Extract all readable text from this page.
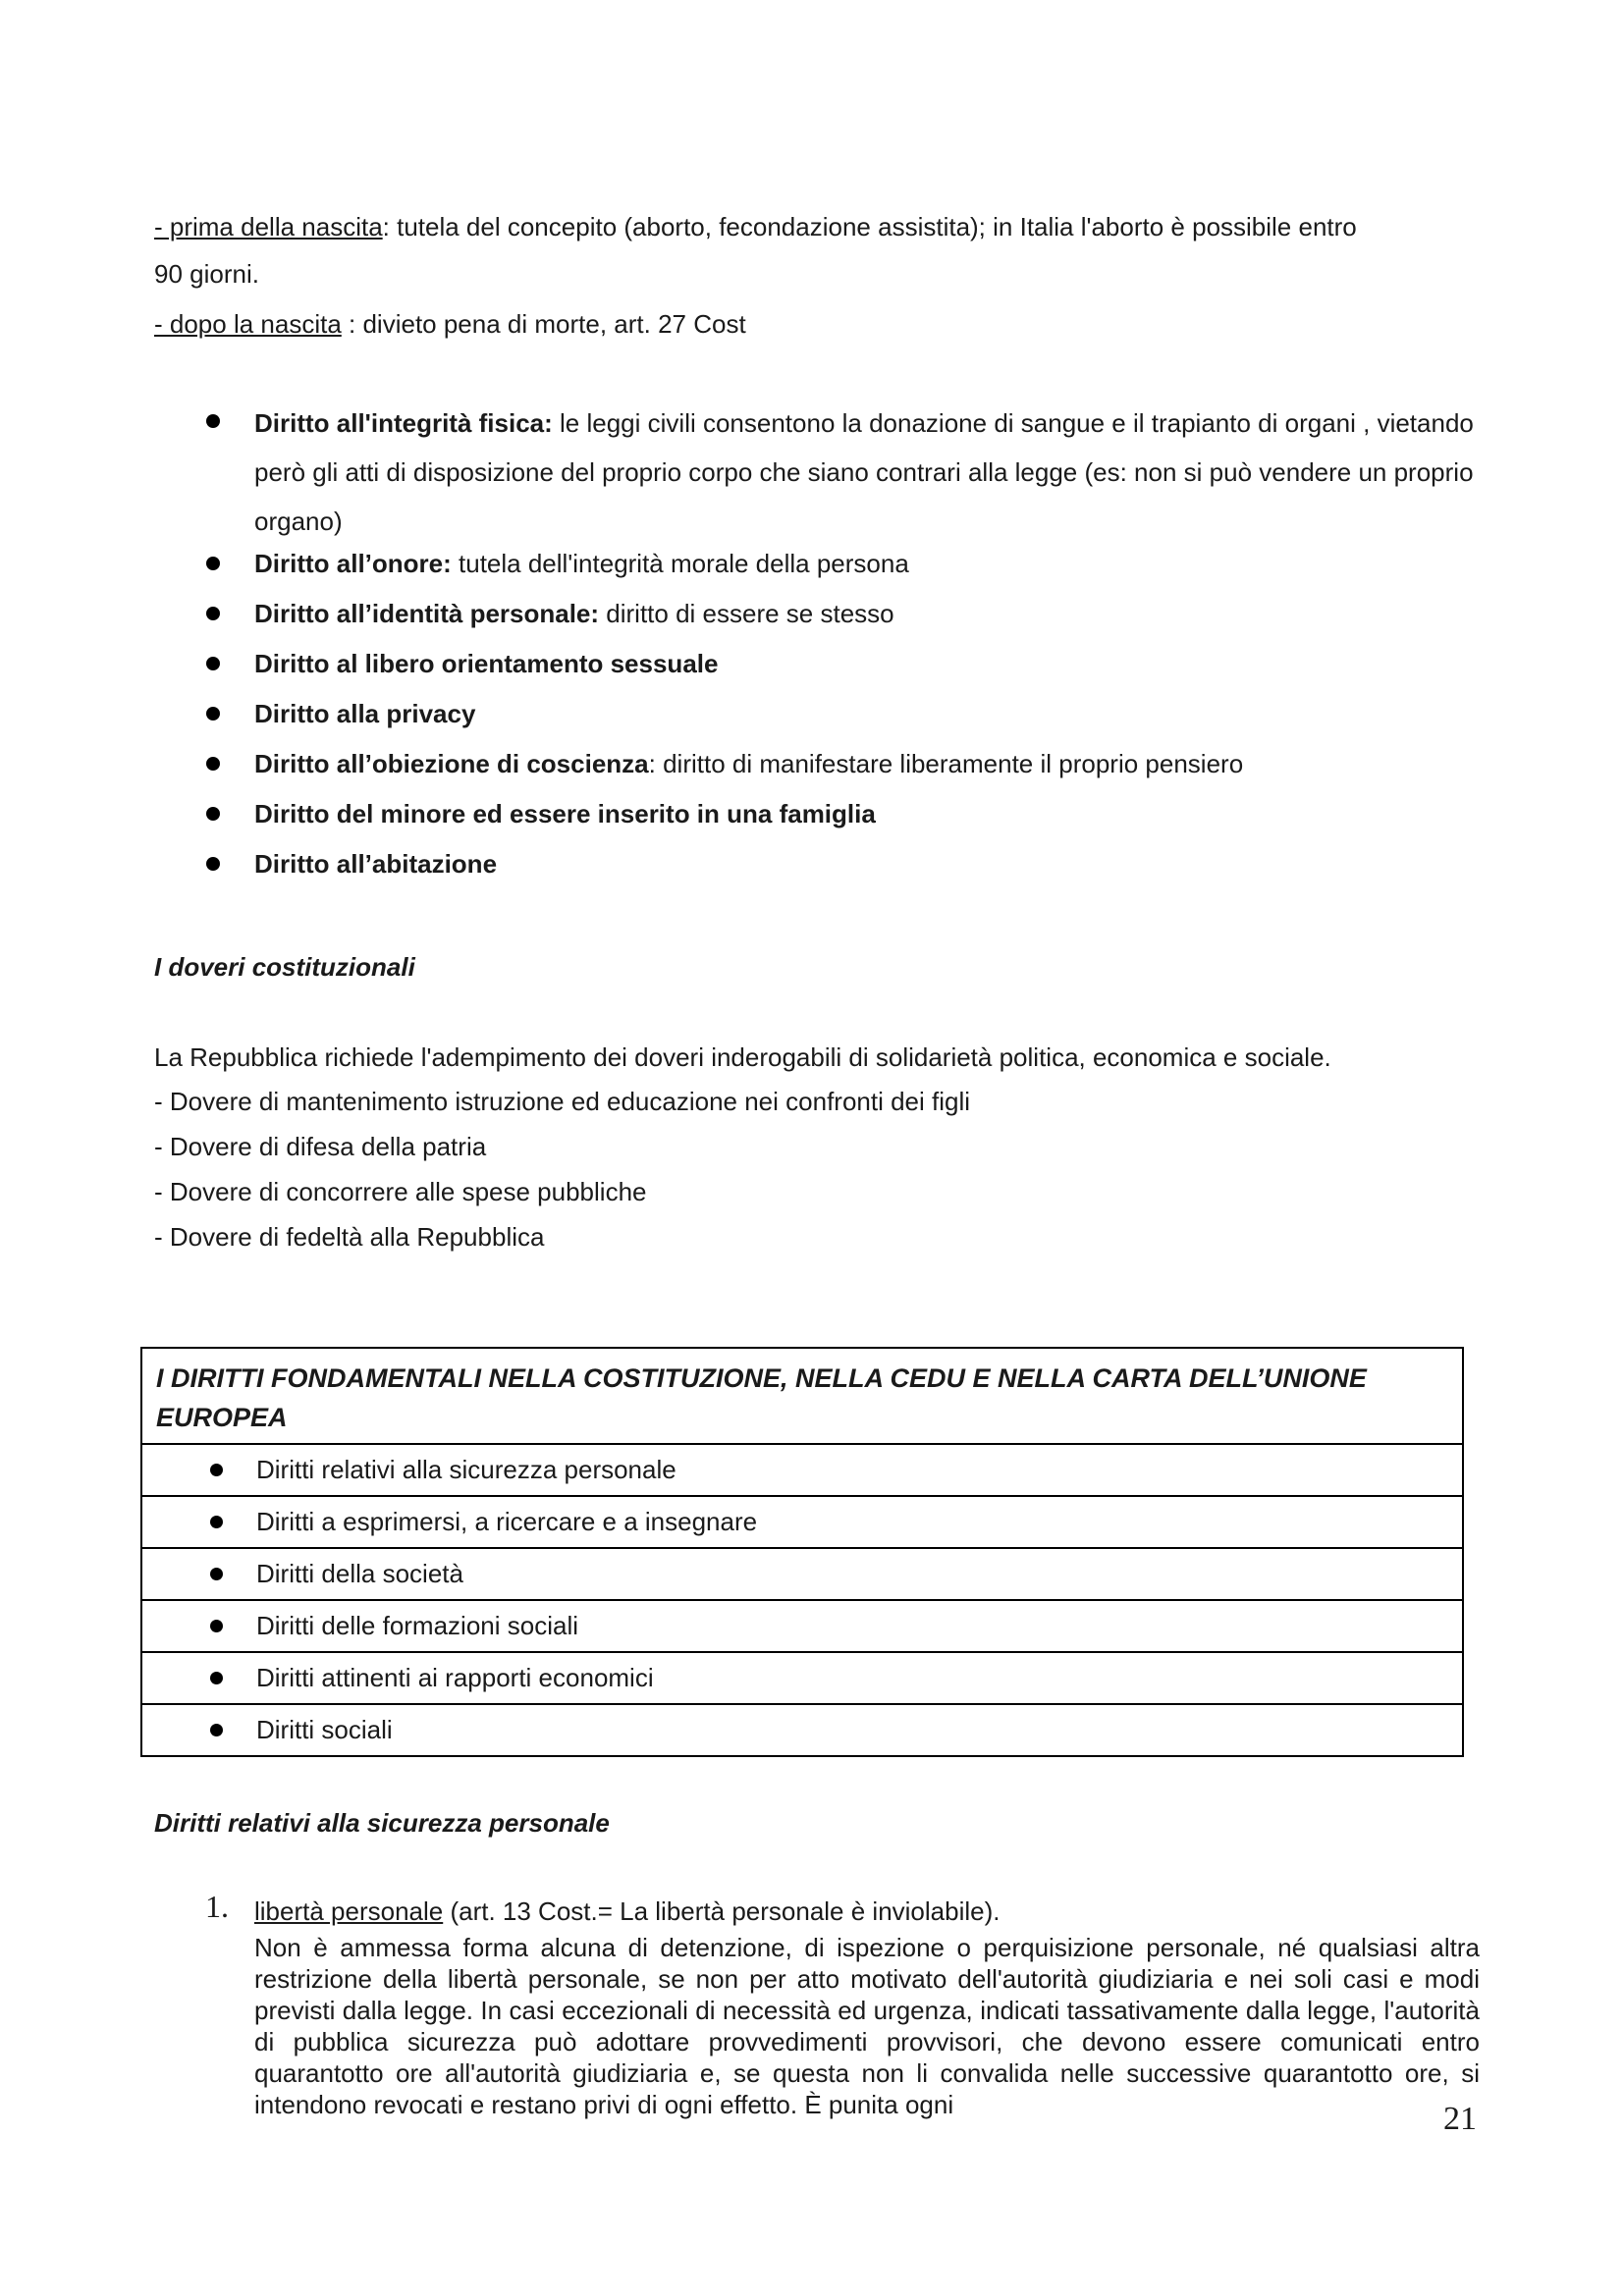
- prima della nascita: tutela del concepito (aborto, fecondazione assistita); in Italia l'aborto è possibile entro
90 giorni.
- dopo la nascita : divieto pena di morte, art. 27 Cost
Diritto all'integrità fisica: le leggi civili consentono la donazione di sangue e il trapianto di organi , vietando però gli atti di disposizione del proprio corpo che siano contrari alla legge (es: non si può vendere un proprio organo)
Diritto all’onore: tutela dell'integrità morale della persona
Diritto all’identità personale: diritto di essere se stesso
Diritto al libero orientamento sessuale
Diritto alla privacy
Diritto all’obiezione di coscienza: diritto di manifestare liberamente il proprio pensiero
Diritto del minore ed essere inserito in una famiglia
Diritto all’abitazione
I doveri costituzionali
La Repubblica richiede l'adempimento dei doveri inderogabili di solidarietà politica, economica e sociale.
- Dovere di mantenimento istruzione ed educazione nei confronti dei figli
- Dovere di difesa della patria
- Dovere di concorrere alle spese pubbliche
- Dovere di fedeltà alla Repubblica
I DIRITTI FONDAMENTALI NELLA COSTITUZIONE, NELLA CEDU E NELLA CARTA DELL’UNIONE EUROPEA

Diritti relativi alla sicurezza personale

Diritti a esprimersi, a ricercare e a insegnare

Diritti della società

Diritti delle formazioni sociali

Diritti attinenti ai rapporti economici

Diritti sociali
Diritti relativi alla sicurezza personale
1. libertà personale (art. 13 Cost.= La libertà personale è inviolabile).
Non è ammessa forma alcuna di detenzione, di ispezione o perquisizione personale, né qualsiasi altra restrizione della libertà personale, se non per atto motivato dell'autorità giudiziaria e nei soli casi e modi previsti dalla legge. In casi eccezionali di necessità ed urgenza, indicati tassativamente dalla legge, l'autorità di pubblica sicurezza può adottare provvedimenti provvisori, che devono essere comunicati entro quarantotto ore all'autorità giudiziaria e, se questa non li convalida nelle successive quarantotto ore, si intendono revocati e restano privi di ogni effetto. È punita ogni	21
